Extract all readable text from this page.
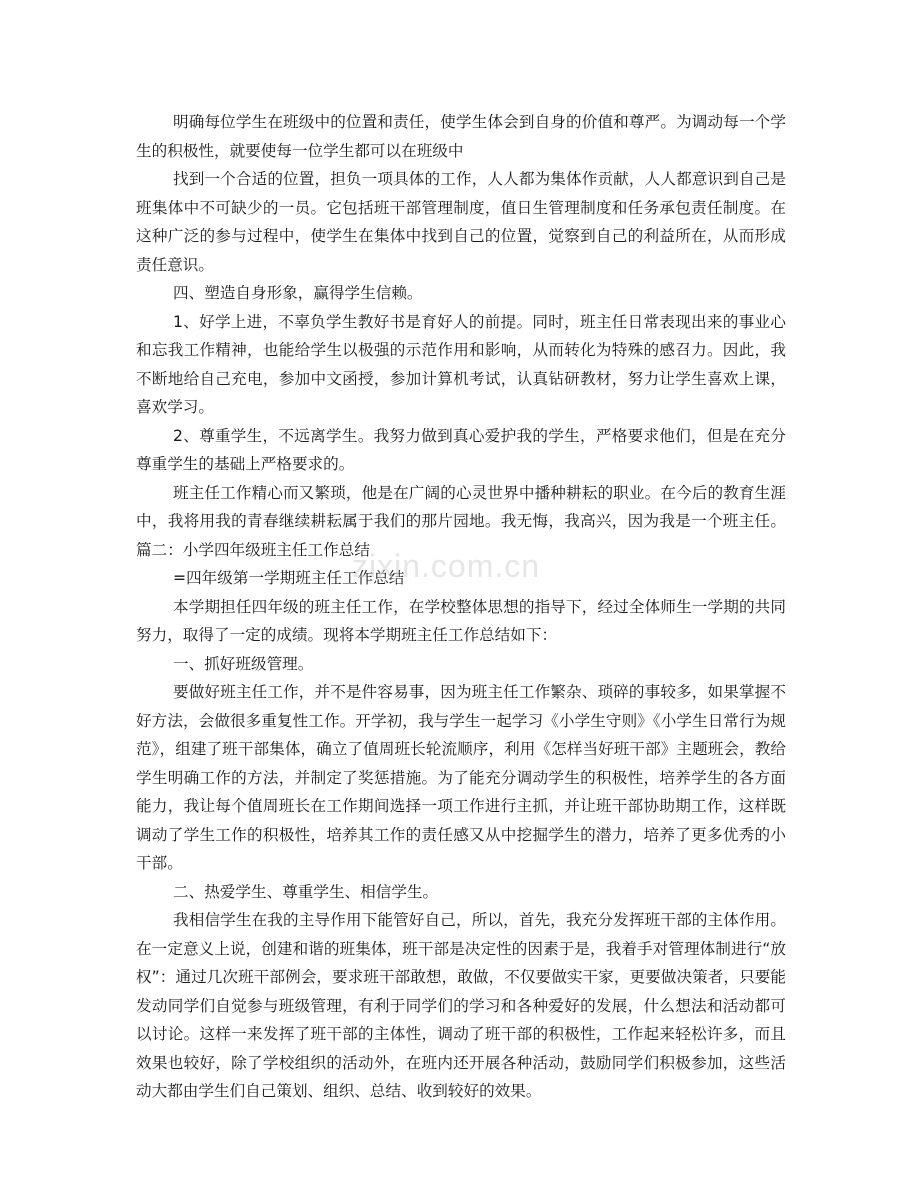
明确每位学生在班级中的位置和责任，使学生体会到自身的价值和尊严。为调动每一个学生的积极性，就要使每一位学生都可以在班级中

找到一个合适的位置，担负一项具体的工作，人人都为集体作贡献，人人都意识到自己是班集体中不可缺少的一员。它包括班干部管理制度，值日生管理制度和任务承包责任制度。在这种广泛的参与过程中，使学生在集体中找到自己的位置，觉察到自己的利益所在，从而形成责任意识。

四、塑造自身形象，赢得学生信赖。

1、好学上进，不辜负学生教好书是育好人的前提。同时，班主任日常表现出来的事业心和忘我工作精神，也能给学生以极强的示范作用和影响，从而转化为特殊的感召力。因此，我不断地给自己充电，参加中文函授，参加计算机考试，认真钻研教材，努力让学生喜欢上课，喜欢学习。

2、尊重学生，不远离学生。我努力做到真心爱护我的学生，严格要求他们，但是在充分尊重学生的基础上严格要求的。

班主任工作精心而又繁琐，他是在广阔的心灵世界中播种耕耘的职业。在今后的教育生涯中，我将用我的青春继续耕耘属于我们的那片园地。我无悔，我高兴，因为我是一个班主任。篇二：小学四年级班主任工作总结

=四年级第一学期班主任工作总结

本学期担任四年级的班主任工作，在学校整体思想的指导下，经过全体师生一学期的共同努力，取得了一定的成绩。现将本学期班主任工作总结如下：

一、抓好班级管理。

要做好班主任工作，并不是件容易事，因为班主任工作繁杂、琐碎的事较多，如果掌握不好方法，会做很多重复性工作。开学初，我与学生一起学习《小学生守则》《小学生日常行为规范》，组建了班干部集体，确立了值周班长轮流顺序，利用《怎样当好班干部》主题班会，教给学生明确工作的方法，并制定了奖惩措施。为了能充分调动学生的积极性，培养学生的各方面能力，我让每个值周班长在工作期间选择一项工作进行主抓，并让班干部协助期工作，这样既调动了学生工作的积极性，培养其工作的责任感又从中挖掘学生的潜力，培养了更多优秀的小干部。

二、热爱学生、尊重学生、相信学生。

我相信学生在我的主导作用下能管好自己，所以，首先，我充分发挥班干部的主体作用。在一定意义上说，创建和谐的班集体，班干部是决定性的因素于是，我着手对管理体制进行“放权”：通过几次班干部例会，要求班干部敢想，敢做，不仅要做实干家，更要做决策者，只要能发动同学们自觉参与班级管理，有利于同学们的学习和各种爱好的发展，什么想法和活动都可以讨论。这样一来发挥了班干部的主体性，调动了班干部的积极性，工作起来轻松许多，而且效果也较好，除了学校组织的活动外，在班内还开展各种活动，鼓励同学们积极参加，这些活动大都由学生们自己策划、组织、总结、收到较好的效果。

zixin.com.cn
